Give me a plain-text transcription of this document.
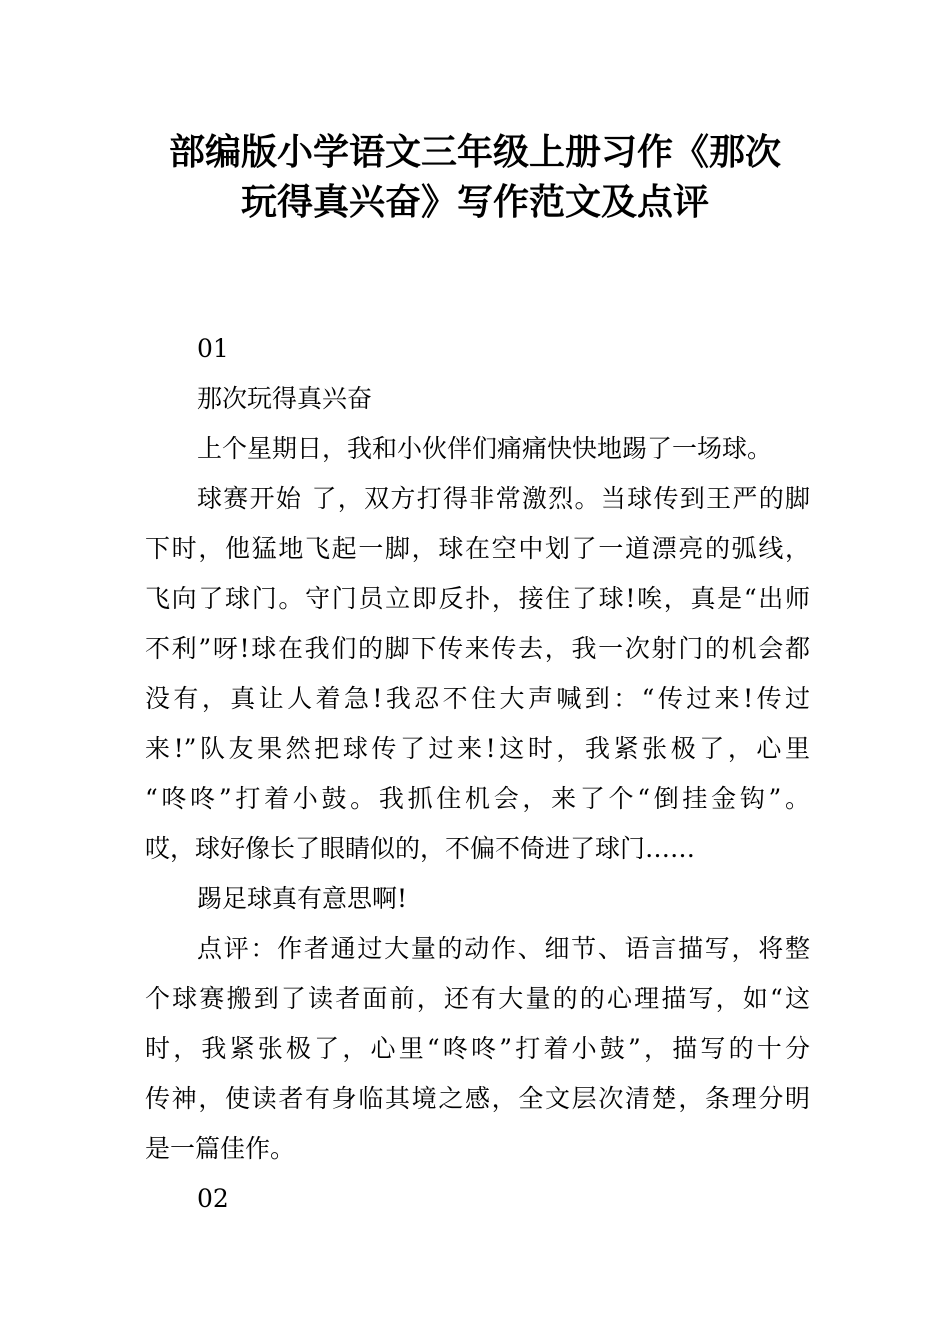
部编版小学语文三年级上册习作《那次
玩得真兴奋》写作范文及点评
01
那次玩得真兴奋
上个星期日，我和小伙伴们痛痛快快地踢了一场球。
球赛开始 了，双方打得非常激烈。当球传到王严的脚
下时，他猛地飞起一脚，球在空中划了一道漂亮的弧线，
飞向了球门。守门员立即反扑，接住了球!唉，真是“出师
不利”呀!球在我们的脚下传来传去，我一次射门的机会都
没有，真让人着急!我忍不住大声喊到：“传过来!传过
来!”队友果然把球传了过来!这时，我紧张极了，心里
“咚咚”打着小鼓。我抓住机会，来了个“倒挂金钩”。
哎，球好像长了眼睛似的，不偏不倚进了球门……
踢足球真有意思啊!
点评：作者通过大量的动作、细节、语言描写，将整
个球赛搬到了读者面前，还有大量的的心理描写，如“这
时，我紧张极了，心里“咚咚”打着小鼓”，描写的十分
传神，使读者有身临其境之感，全文层次清楚，条理分明
是一篇佳作。
02
